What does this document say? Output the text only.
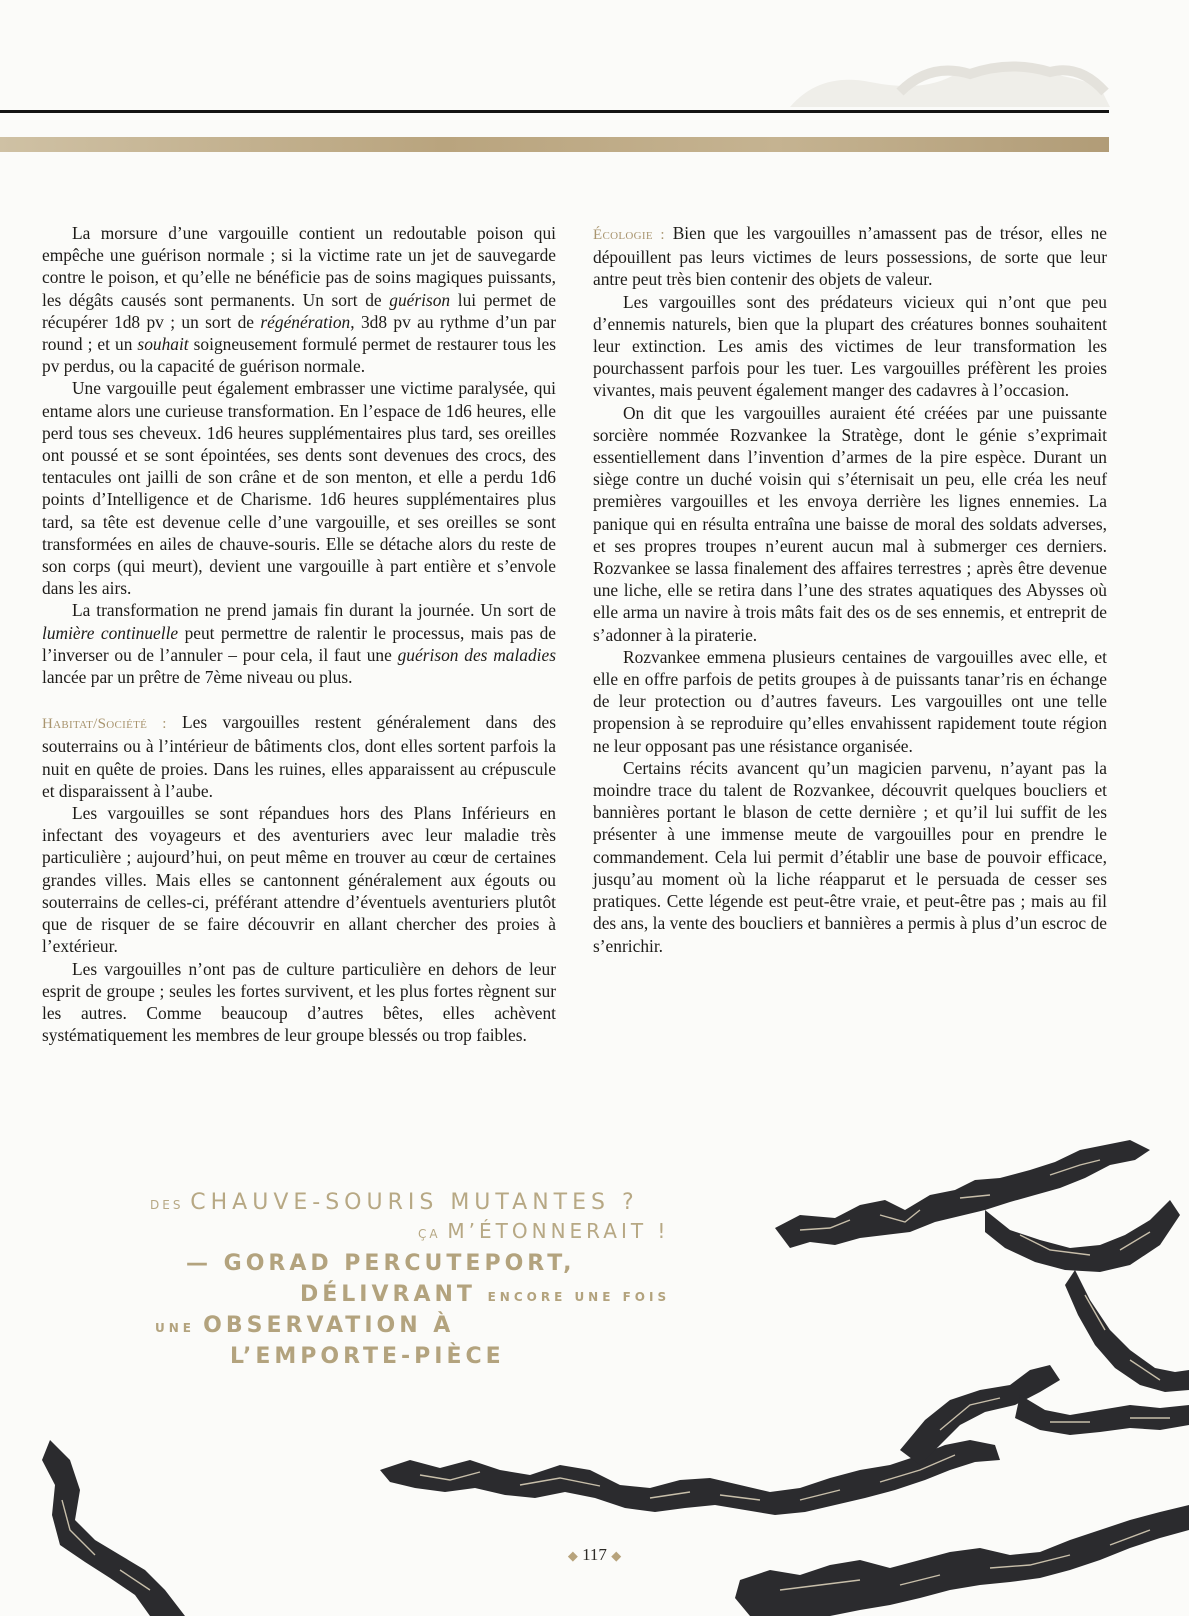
La morsure d’une vargouille contient un redoutable poison qui empêche une guérison normale ; si la victime rate un jet de sauvegarde contre le poison, et qu’elle ne bénéficie pas de soins magiques puissants, les dégâts causés sont permanents. Un sort de guérison lui permet de récupérer 1d8 pv ; un sort de régénération, 3d8 pv au rythme d’un par round ; et un souhait soigneusement formulé permet de restaurer tous les pv perdus, ou la capacité de guérison normale.

Une vargouille peut également embrasser une victime paralysée, qui entame alors une curieuse transformation. En l’espace de 1d6 heures, elle perd tous ses cheveux. 1d6 heures supplémentaires plus tard, ses oreilles ont poussé et se sont épointées, ses dents sont devenues des crocs, des tentacules ont jailli de son crâne et de son menton, et elle a perdu 1d6 points d’Intelligence et de Charisme. 1d6 heures supplémentaires plus tard, sa tête est devenue celle d’une vargouille, et ses oreilles se sont transformées en ailes de chauve-souris. Elle se détache alors du reste de son corps (qui meurt), devient une vargouille à part entière et s’envole dans les airs.

La transformation ne prend jamais fin durant la journée. Un sort de lumière continuelle peut permettre de ralentir le processus, mais pas de l’inverser ou de l’annuler – pour cela, il faut une guérison des maladies lancée par un prêtre de 7ème niveau ou plus.

Habitat/Société : Les vargouilles restent généralement dans des souterrains ou à l’intérieur de bâtiments clos, dont elles sortent parfois la nuit en quête de proies. Dans les ruines, elles apparaissent au crépuscule et disparaissent à l’aube.

Les vargouilles se sont répandues hors des Plans Inférieurs en infectant des voyageurs et des aventuriers avec leur maladie très particulière ; aujourd’hui, on peut même en trouver au cœur de certaines grandes villes. Mais elles se cantonnent généralement aux égouts ou souterrains de celles-ci, préférant attendre d’éventuels aventuriers plutôt que de risquer de se faire découvrir en allant chercher des proies à l’extérieur.

Les vargouilles n’ont pas de culture particulière en dehors de leur esprit de groupe ; seules les fortes survivent, et les plus fortes règnent sur les autres. Comme beaucoup d’autres bêtes, elles achèvent systématiquement les membres de leur groupe blessés ou trop faibles.

Écologie : Bien que les vargouilles n’amassent pas de trésor, elles ne dépouillent pas leurs victimes de leurs possessions, de sorte que leur antre peut très bien contenir des objets de valeur.

Les vargouilles sont des prédateurs vicieux qui n’ont que peu d’ennemis naturels, bien que la plupart des créatures bonnes souhaitent leur extinction. Les amis des victimes de leur transformation les pourchassent parfois pour les tuer. Les vargouilles préfèrent les proies vivantes, mais peuvent également manger des cadavres à l’occasion.

On dit que les vargouilles auraient été créées par une puissante sorcière nommée Rozvankee la Stratège, dont le génie s’exprimait essentiellement dans l’invention d’armes de la pire espèce. Durant un siège contre un duché voisin qui s’éternisait un peu, elle créa les neuf premières vargouilles et les envoya derrière les lignes ennemies. La panique qui en résulta entraîna une baisse de moral des soldats adverses, et ses propres troupes n’eurent aucun mal à submerger ces derniers. Rozvankee se lassa finalement des affaires terrestres ; après être devenue une liche, elle se retira dans l’une des strates aquatiques des Abysses où elle arma un navire à trois mâts fait des os de ses ennemis, et entreprit de s’adonner à la piraterie.

Rozvankee emmena plusieurs centaines de vargouilles avec elle, et elle en offre parfois de petits groupes à de puissants tanar’ris en échange de leur protection ou d’autres faveurs. Les vargouilles ont une telle propension à se reproduire qu’elles envahissent rapidement toute région ne leur opposant pas une résistance organisée.

Certains récits avancent qu’un magicien parvenu, n’ayant pas la moindre trace du talent de Rozvankee, découvrit quelques boucliers et bannières portant le blason de cette dernière ; et qu’il lui suffit de les présenter à une immense meute de vargouilles pour en prendre le commandement. Cela lui permit d’établir une base de pouvoir efficace, jusqu’au moment où la liche réapparut et le persuada de cesser ses pratiques. Cette légende est peut-être vraie, et peut-être pas ; mais au fil des ans, la vente des boucliers et bannières a permis à plus d’un escroc de s’enrichir.

DES CHAUVE-SOURIS MUTANTES ?
ÇA M’ÉTONNERAIT !
— GORAD PERCUTEPORT,
DÉLIVRANT ENCORE UNE FOIS
UNE OBSERVATION À
L’EMPORTE-PIÈCE
◆ 117 ◆
